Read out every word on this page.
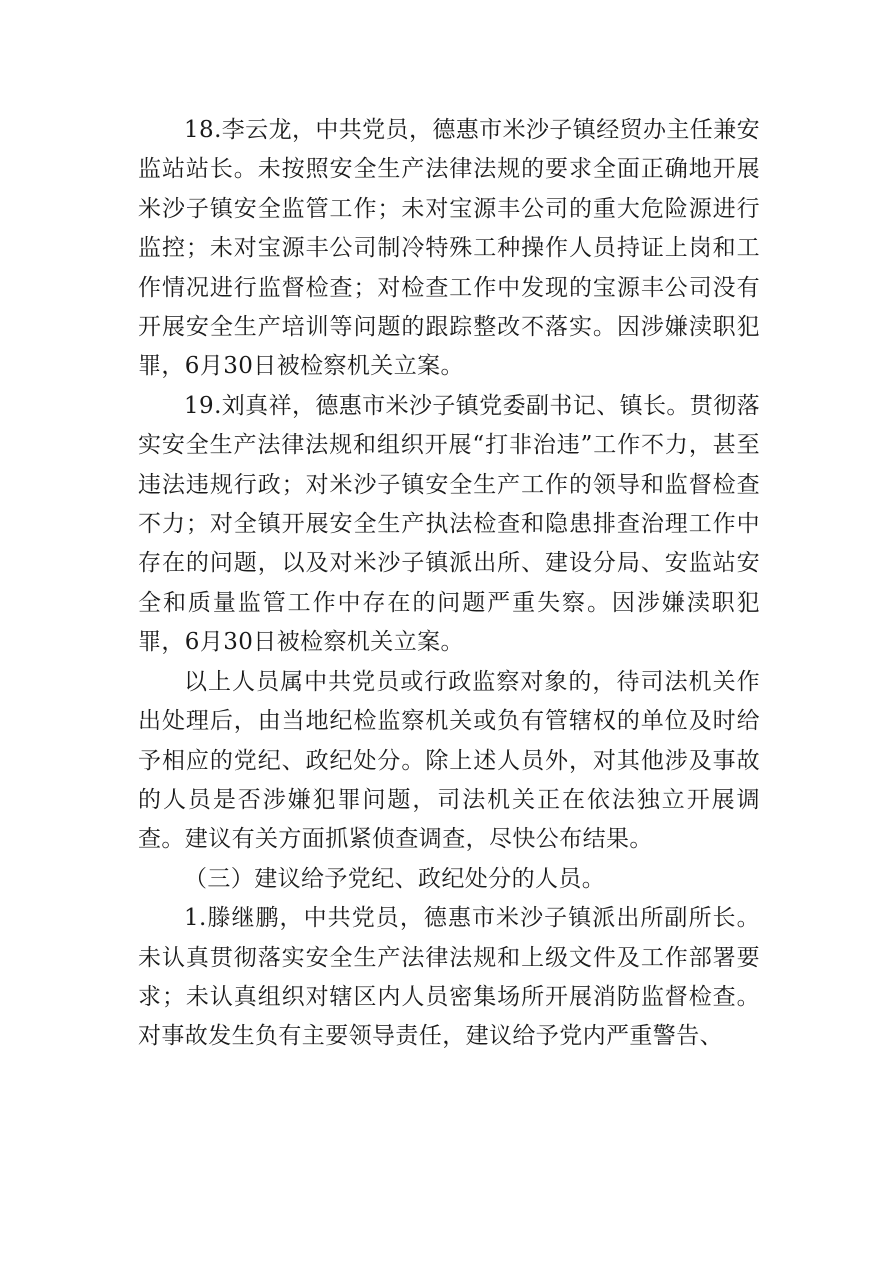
18.李云龙，中共党员，德惠市米沙子镇经贸办主任兼安监站站长。未按照安全生产法律法规的要求全面正确地开展米沙子镇安全监管工作；未对宝源丰公司的重大危险源进行监控；未对宝源丰公司制冷特殊工种操作人员持证上岗和工作情况进行监督检查；对检查工作中发现的宝源丰公司没有开展安全生产培训等问题的跟踪整改不落实。因涉嫌渎职犯罪，6月30日被检察机关立案。

19.刘真祥，德惠市米沙子镇党委副书记、镇长。贯彻落实安全生产法律法规和组织开展“打非治违”工作不力，甚至违法违规行政；对米沙子镇安全生产工作的领导和监督检查不力；对全镇开展安全生产执法检查和隐患排查治理工作中存在的问题，以及对米沙子镇派出所、建设分局、安监站安全和质量监管工作中存在的问题严重失察。因涉嫌渎职犯罪，6月30日被检察机关立案。

以上人员属中共党员或行政监察对象的，待司法机关作出处理后，由当地纪检监察机关或负有管辖权的单位及时给予相应的党纪、政纪处分。除上述人员外，对其他涉及事故的人员是否涉嫌犯罪问题，司法机关正在依法独立开展调查。建议有关方面抓紧侦查调查，尽快公布结果。

（三）建议给予党纪、政纪处分的人员。

1.滕继鹏，中共党员，德惠市米沙子镇派出所副所长。未认真贯彻落实安全生产法律法规和上级文件及工作部署要求；未认真组织对辖区内人员密集场所开展消防监督检查。对事故发生负有主要领导责任，建议给予党内严重警告、
